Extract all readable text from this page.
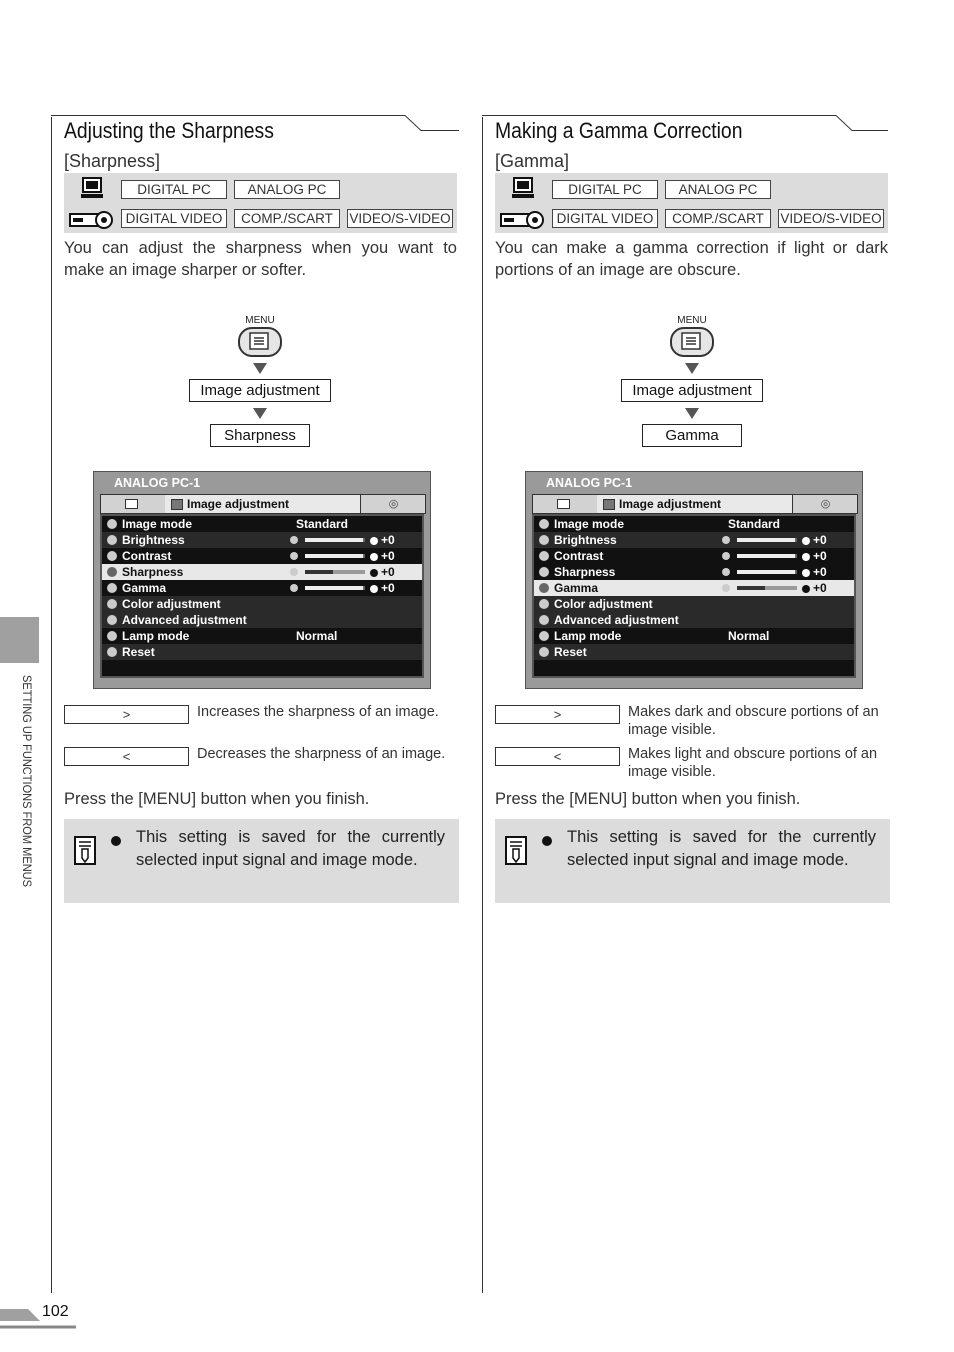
SETTING UP FUNCTIONS FROM MENUS
Adjusting the Sharpness
[Sharpness]
DIGITAL PC	ANALOG PC
DIGITAL VIDEO	COMP./SCART	VIDEO/S-VIDEO
You can adjust the sharpness when you want to make an image sharper or softer.
MENU
Image adjustment
Sharpness
ANALOG PC-1
Image adjustment	◎
Image mode	Standard
Brightness	+0
Contrast	+0
Sharpness	+0
Gamma	+0
Color adjustment
Advanced adjustment
Lamp mode	Normal
Reset
>	Increases the sharpness of an image.
<	Decreases the sharpness of an image.
Press the [MENU] button when you finish.
This setting is saved for the currently selected input signal and image mode.
Making a Gamma Correction
[Gamma]
DIGITAL PC	ANALOG PC
DIGITAL VIDEO	COMP./SCART	VIDEO/S-VIDEO
You can make a gamma correction if light or dark portions of an image are obscure.
MENU
Image adjustment
Gamma
ANALOG PC-1
Image adjustment	◎
Image mode	Standard
Brightness	+0
Contrast	+0
Sharpness	+0
Gamma	+0
Color adjustment
Advanced adjustment
Lamp mode	Normal
Reset
>	Makes dark and obscure portions of an image visible.
<	Makes light and obscure portions of an image visible.
Press the [MENU] button when you finish.
This setting is saved for the currently selected input signal and image mode.
102
